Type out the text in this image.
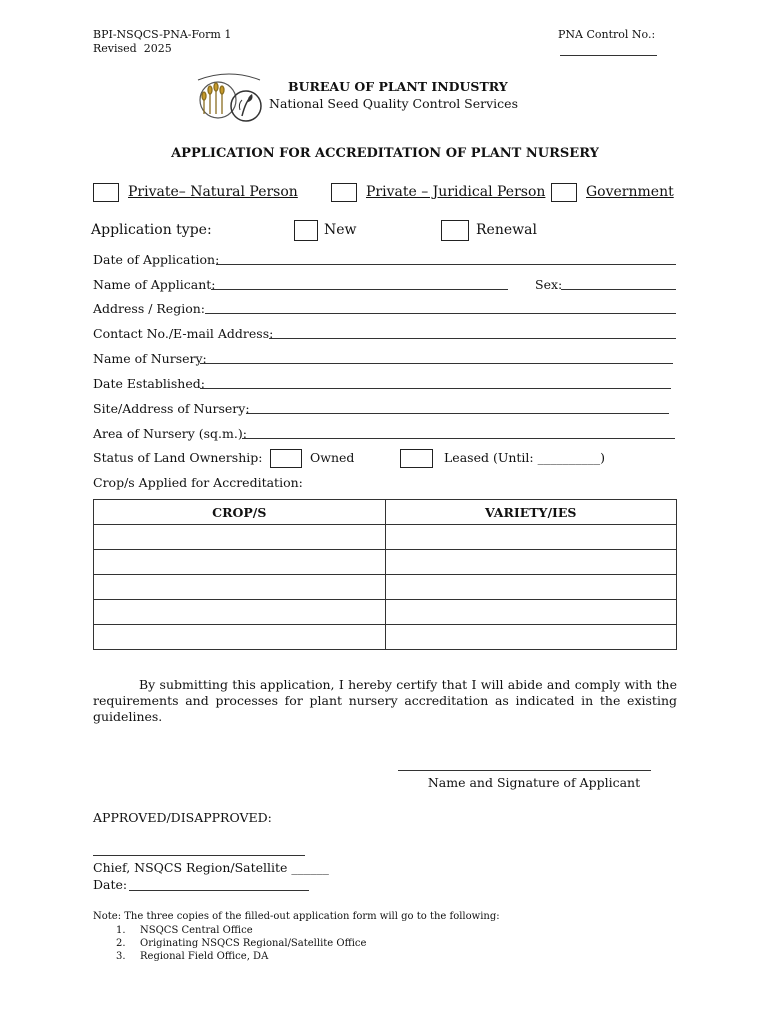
BPI-NSQCS-PNA-Form 1
Revised  2025
PNA Control No.:
BUREAU OF PLANT INDUSTRY
National Seed Quality Control Services
APPLICATION FOR ACCREDITATION OF PLANT NURSERY
Private– Natural Person	Private – Juridical Person	Government
Application type:	New	Renewal
Date of Application:
Name of Applicant:	Sex:
Address / Region:
Contact No./E-mail Address:
Name of Nursery:
Date Established:
Site/Address of Nursery:
Area of Nursery (sq.m.):
Status of Land Ownership:	Owned	Leased (Until: __________)
Crop/s Applied for Accreditation:
CROP/S	VARIETY/IES

By submitting this application, I hereby certify that I will abide and comply with the requirements and processes for plant nursery accreditation as indicated in the existing guidelines.
Name and Signature of Applicant
APPROVED/DISAPPROVED:
Chief, NSQCS Region/Satellite ______
Date:
Note: The three copies of the filled-out application form will go to the following:
1. NSQCS Central Office
2. Originating NSQCS Regional/Satellite Office
3. Regional Field Office, DA
